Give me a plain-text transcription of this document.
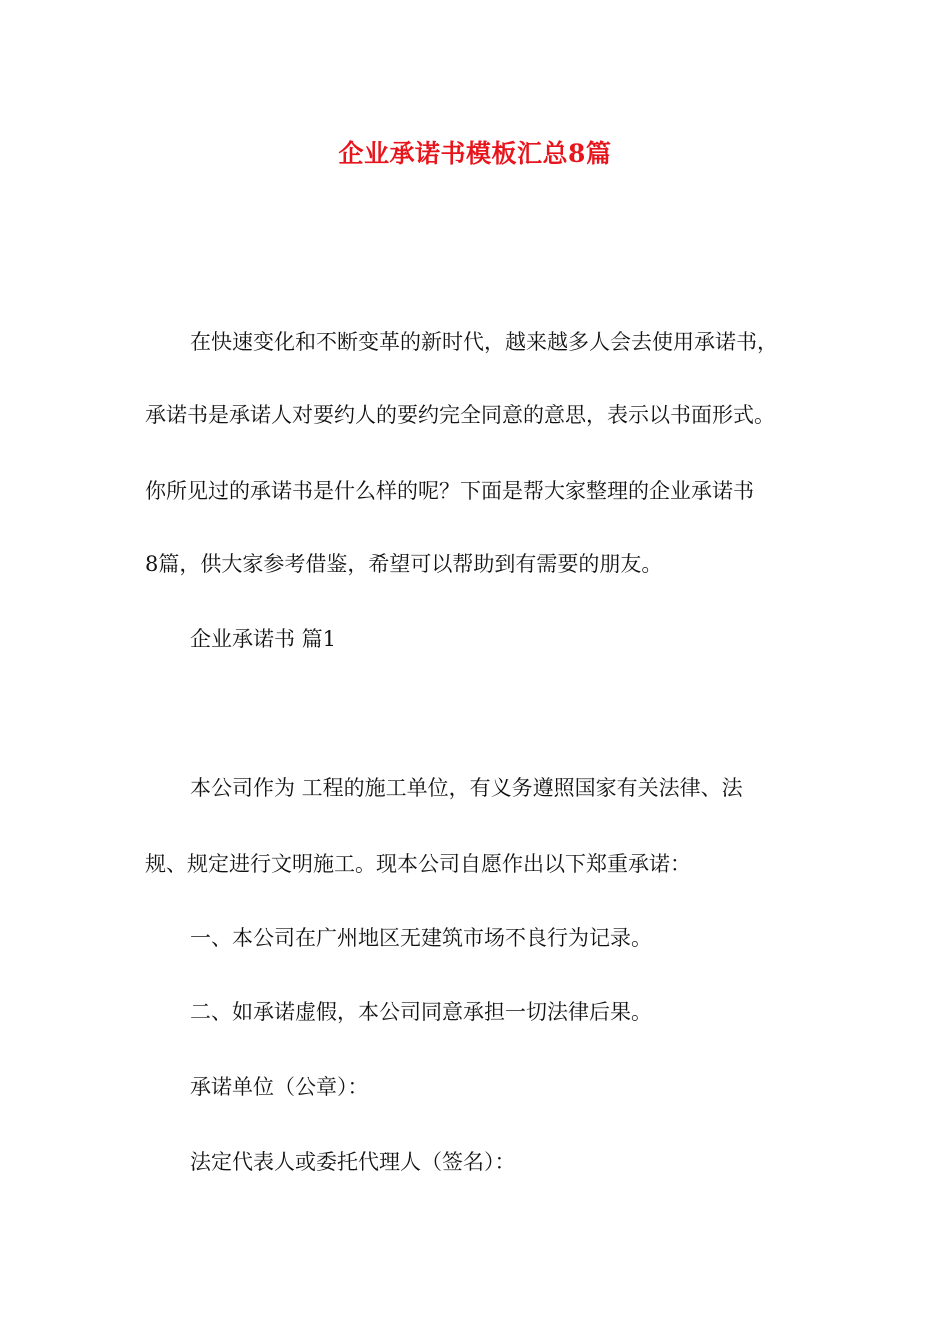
企业承诺书模板汇总8篇
在快速变化和不断变革的新时代，越来越多人会去使用承诺书，
承诺书是承诺人对要约人的要约完全同意的意思，表示以书面形式。
你所见过的承诺书是什么样的呢？下面是帮大家整理的企业承诺书
8篇，供大家参考借鉴，希望可以帮助到有需要的朋友。
企业承诺书 篇1
本公司作为 工程的施工单位，有义务遵照国家有关法律、法
规、规定进行文明施工。现本公司自愿作出以下郑重承诺：
一、本公司在广州地区无建筑市场不良行为记录。
二、如承诺虚假，本公司同意承担一切法律后果。
承诺单位（公章）：
法定代表人或委托代理人（签名）：
